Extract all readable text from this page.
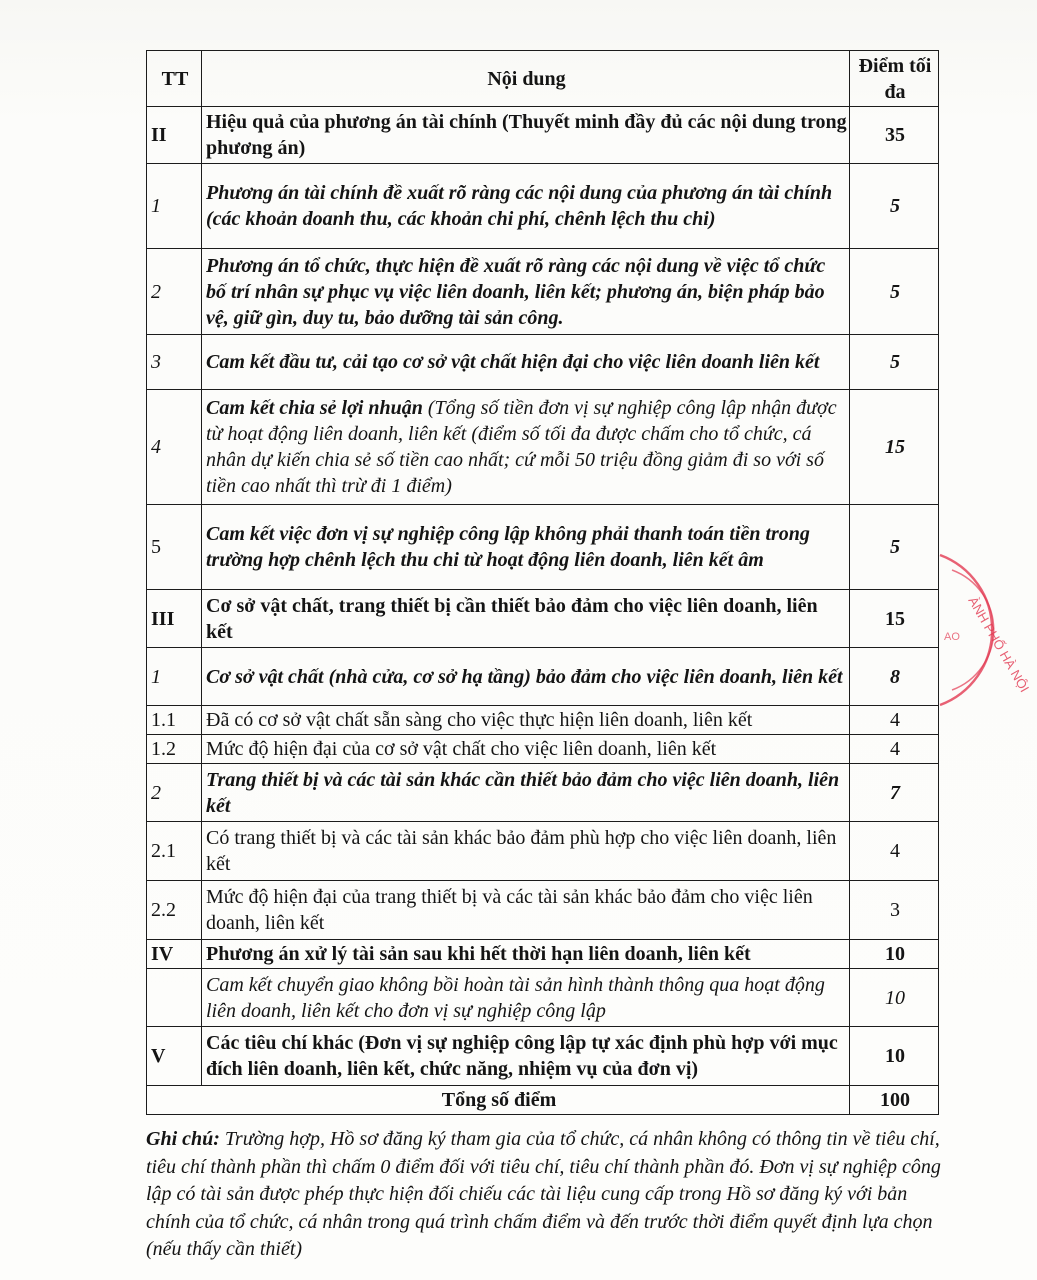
TT	Nội dung	Điểm tối đa
II	Hiệu quả của phương án tài chính (Thuyết minh đầy đủ các nội dung trong phương án)	35
1	Phương án tài chính đề xuất rõ ràng các nội dung của phương án tài chính (các khoản doanh thu, các khoản chi phí, chênh lệch thu chi)	5
2	Phương án tổ chức, thực hiện đề xuất rõ ràng các nội dung về việc tổ chức bố trí nhân sự phục vụ việc liên doanh, liên kết; phương án, biện pháp bảo vệ, giữ gìn, duy tu, bảo dưỡng tài sản công.	5
3	Cam kết đầu tư, cải tạo cơ sở vật chất hiện đại cho việc liên doanh liên kết	5
4	Cam kết chia sẻ lợi nhuận (Tổng số tiền đơn vị sự nghiệp công lập nhận được từ hoạt động liên doanh, liên kết (điểm số tối đa được chấm cho tổ chức, cá nhân dự kiến chia sẻ số tiền cao nhất; cứ mỗi 50 triệu đồng giảm đi so với số tiền cao nhất thì trừ đi 1 điểm)	15
5	Cam kết việc đơn vị sự nghiệp công lập không phải thanh toán tiền trong trường hợp chênh lệch thu chi từ hoạt động liên doanh, liên kết âm	5
III	Cơ sở vật chất, trang thiết bị cần thiết bảo đảm cho việc liên doanh, liên kết	15
1	Cơ sở vật chất (nhà cửa, cơ sở hạ tầng) bảo đảm cho việc liên doanh, liên kết	8
1.1	Đã có cơ sở vật chất sẵn sàng cho việc thực hiện liên doanh, liên kết	4
1.2	Mức độ hiện đại của cơ sở vật chất cho việc liên doanh, liên kết	4
2	Trang thiết bị và các tài sản khác cần thiết bảo đảm cho việc liên doanh, liên kết	7
2.1	Có trang thiết bị và các tài sản khác bảo đảm phù hợp cho việc liên doanh, liên kết	4
2.2	Mức độ hiện đại của trang thiết bị và các tài sản khác bảo đảm cho việc liên doanh, liên kết	3
IV	Phương án xử lý tài sản sau khi hết thời hạn liên doanh, liên kết	10
	Cam kết chuyển giao không bồi hoàn tài sản hình thành thông qua hoạt động liên doanh, liên kết cho đơn vị sự nghiệp công lập	10
V	Các tiêu chí khác (Đơn vị sự nghiệp công lập tự xác định phù hợp với mục đích liên doanh, liên kết, chức năng, nhiệm vụ của đơn vị)	10
Tổng số điểm		100
Ghi chú: Trường hợp, Hồ sơ đăng ký tham gia của tổ chức, cá nhân không có thông tin về tiêu chí, tiêu chí thành phần thì chấm 0 điểm đối với tiêu chí, tiêu chí thành phần đó. Đơn vị sự nghiệp công lập có tài sản được phép thực hiện đối chiếu các tài liệu cung cấp trong Hồ sơ đăng ký với bản chính của tổ chức, cá nhân trong quá trình chấm điểm và đến trước thời điểm quyết định lựa chọn (nếu thấy cần thiết)
ÀNH PHỐ HÀ NỘI
AO
